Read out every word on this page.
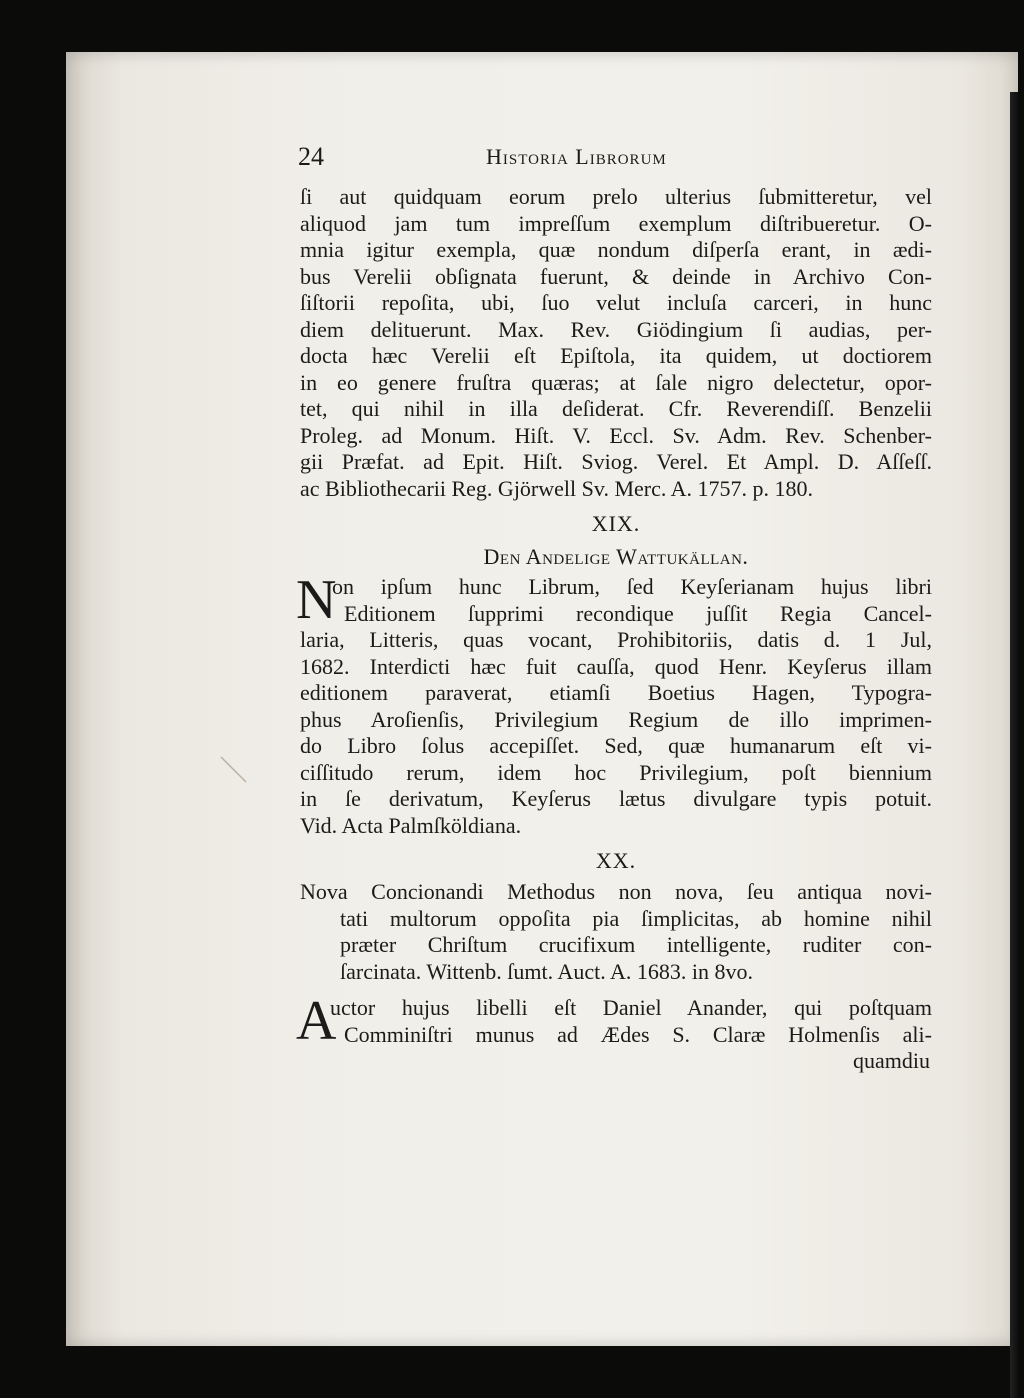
24	Historia Librorum
ſi aut quidquam eorum prelo ulterius ſubmitteretur, vel
aliquod jam tum impreſſum exemplum diſtribueretur. O-
mnia igitur exempla, quæ nondum diſperſa erant, in ædi-
bus Verelii obſignata fuerunt, & deinde in Archivo Con-
ſiſtorii repoſita, ubi, ſuo velut incluſa carceri, in hunc
diem delituerunt. Max. Rev. Giödingium ſi audias, per-
docta hæc Verelii eſt Epiſtola, ita quidem, ut doctiorem
in eo genere fruſtra quæras; at ſale nigro delectetur, opor-
tet, qui nihil in illa deſiderat. Cfr. Reverendiſſ. Benzelii
Proleg. ad Monum. Hiſt. V. Eccl. Sv. Adm. Rev. Schenber-
gii Præfat. ad Epit. Hiſt. Sviog. Verel. Et Ampl. D. Aſſeſſ.
ac Bibliothecarii Reg. Gjörwell Sv. Merc. A. 1757. p. 180.
XIX.
Den Andelige Wattukällan.
N
on ipſum hunc Librum, ſed Keyſerianam hujus libri
Editionem ſupprimi recondique juſſit Regia Cancel-
laria, Litteris, quas vocant, Prohibitoriis, datis d. 1 Jul,
1682. Interdicti hæc fuit cauſſa, quod Henr. Keyſerus illam
editionem paraverat, etiamſi Boetius Hagen, Typogra-
phus Aroſienſis, Privilegium Regium de illo imprimen-
do Libro ſolus accepiſſet. Sed, quæ humanarum eſt vi-
ciſſitudo rerum, idem hoc Privilegium, poſt biennium
in ſe derivatum, Keyſerus lætus divulgare typis potuit.
Vid. Acta Palmſköldiana.
XX.
Nova Concionandi Methodus non nova, ſeu antiqua novi-
tati multorum oppoſita pia ſimplicitas, ab homine nihil
præter Chriſtum crucifixum intelligente, ruditer con-
ſarcinata. Wittenb. ſumt. Auct. A. 1683. in 8vo.
A
uctor hujus libelli eſt Daniel Anander, qui poſtquam
Comminiſtri munus ad Ædes S. Claræ Holmenſis ali-
quamdiu
